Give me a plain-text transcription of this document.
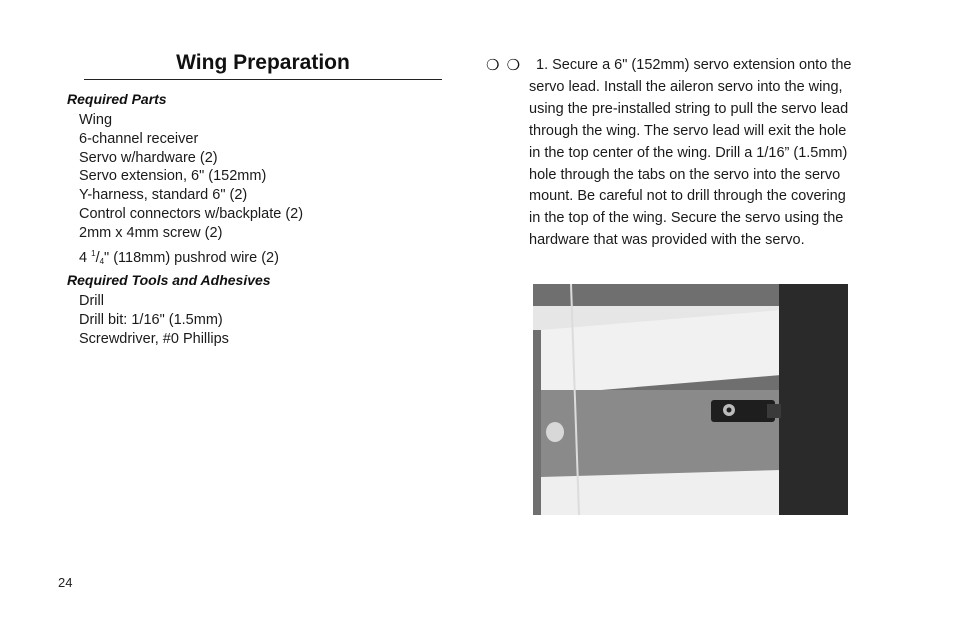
Wing Preparation
Required Parts
Wing
6-channel receiver
Servo w/hardware (2)
Servo extension, 6" (152mm)
Y-harness, standard 6" (2)
Control connectors w/backplate (2)
2mm x 4mm screw (2)
4 $^1/_4$" (118mm) pushrod wire (2)
Required Tools and Adhesives
Drill
Drill bit: 1/16" (1.5mm)
Screwdriver, #0 Phillips
❍ ❍	1. Secure a 6" (152mm) servo extension onto the servo lead. Install the aileron servo into the wing, using the pre-installed string to pull the servo lead through the wing. The servo lead will exit the hole in the top center of the wing. Drill a 1/16” (1.5mm) hole through the tabs on the servo into the servo mount. Be careful not to drill through the covering in the top of the wing. Secure the servo using the hardware that was provided with the servo.

24
